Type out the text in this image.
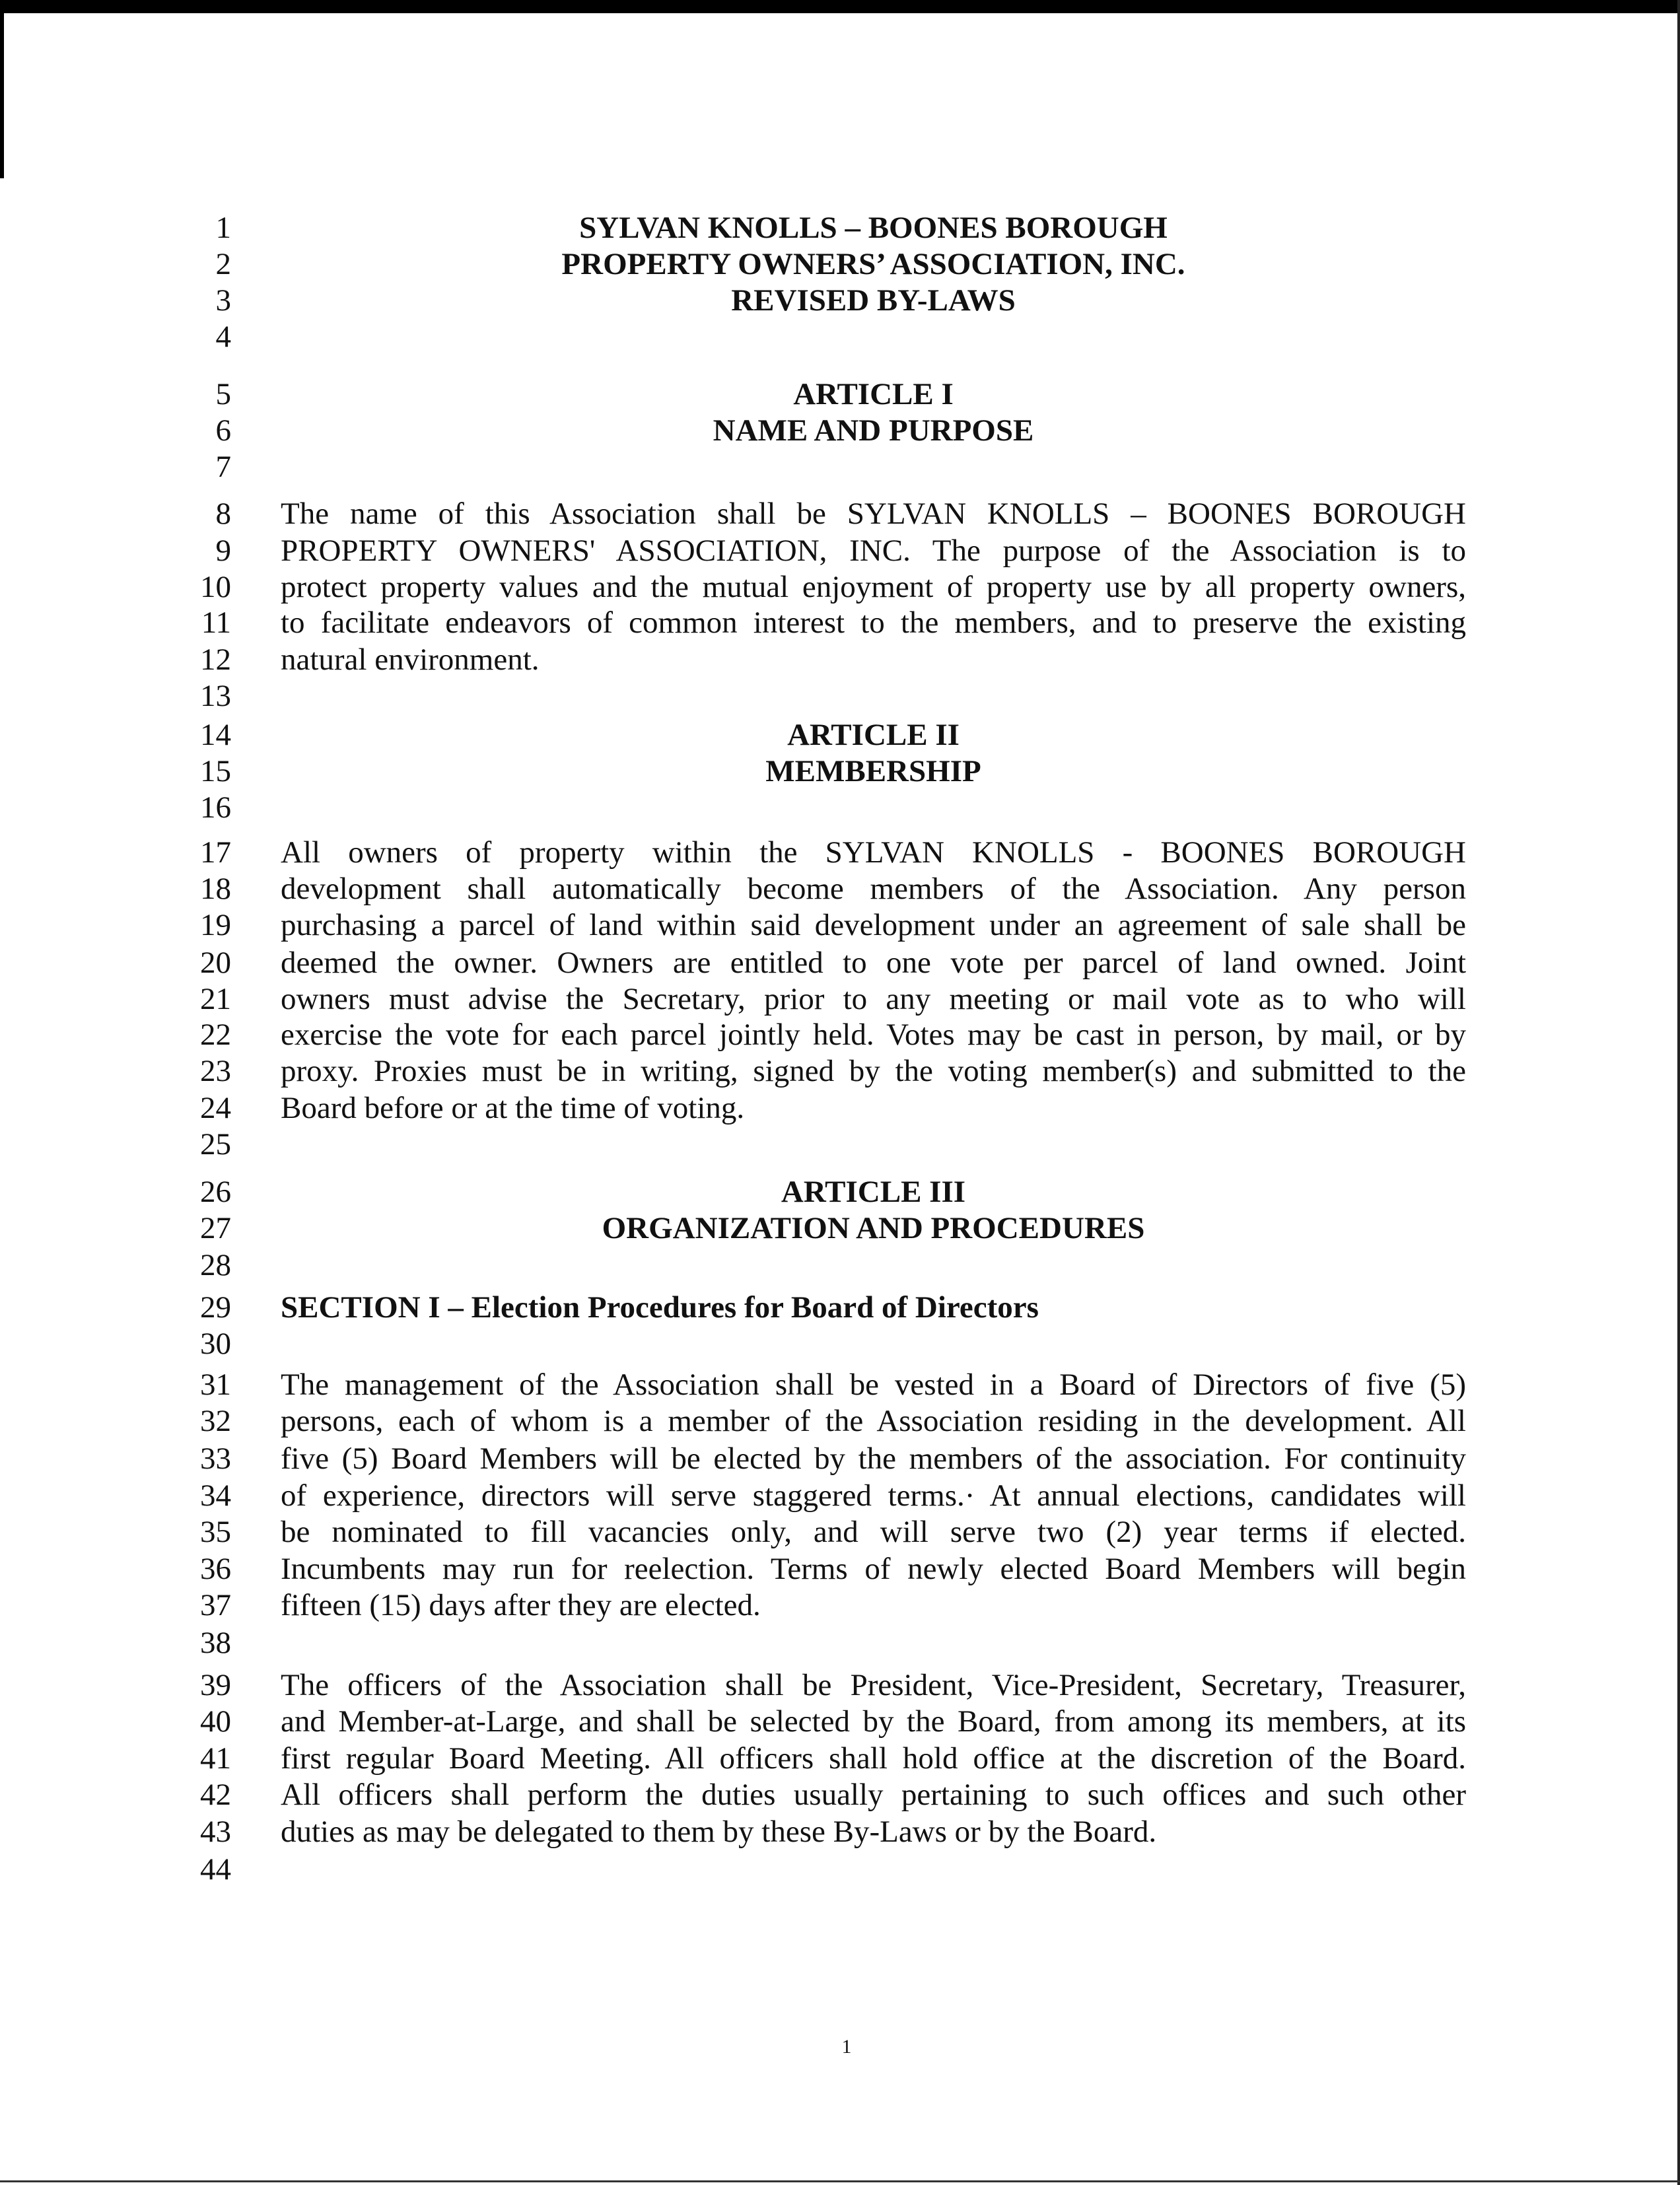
1
2
3
4
5
6
7
8
9
10
11
12
13
14
15
16
17
18
19
20
21
22
23
24
25
26
27
28
29
30
31
32
33
34
35
36
37
38
39
40
41
42
43
44
SYLVAN KNOLLS – BOONES BOROUGH
PROPERTY OWNERS’ ASSOCIATION, INC.
REVISED BY-LAWS
ARTICLE I
NAME AND PURPOSE
The name of this Association shall be SYLVAN KNOLLS – BOONES BOROUGH
PROPERTY OWNERS' ASSOCIATION, INC. The purpose of the Association is to
protect property values and the mutual enjoyment of property use by all property owners,
to facilitate endeavors of common interest to the members, and to preserve the existing
natural environment.
ARTICLE II
MEMBERSHIP
All owners of property within the SYLVAN KNOLLS - BOONES BOROUGH
development shall automatically become members of the Association. Any person
purchasing a parcel of land within said development under an agreement of sale shall be
deemed the owner. Owners are entitled to one vote per parcel of land owned. Joint
owners must advise the Secretary, prior to any meeting or mail vote as to who will
exercise the vote for each parcel jointly held. Votes may be cast in person, by mail, or by
proxy. Proxies must be in writing, signed by the voting member(s) and submitted to the
Board before or at the time of voting.
ARTICLE III
ORGANIZATION AND PROCEDURES
SECTION I – Election Procedures for Board of Directors
The management of the Association shall be vested in a Board of Directors of five (5)
persons, each of whom is a member of the Association residing in the development. All
five (5) Board Members will be elected by the members of the association. For continuity
of experience, directors will serve staggered terms.· At annual elections, candidates will
be nominated to fill vacancies only, and will serve two (2) year terms if elected.
Incumbents may run for reelection. Terms of newly elected Board Members will begin
fifteen (15) days after they are elected.
The officers of the Association shall be President, Vice-President, Secretary, Treasurer,
and Member-at-Large, and shall be selected by the Board, from among its members, at its
first regular Board Meeting. All officers shall hold office at the discretion of the Board.
All officers shall perform the duties usually pertaining to such offices and such other
duties as may be delegated to them by these By-Laws or by the Board.
1
